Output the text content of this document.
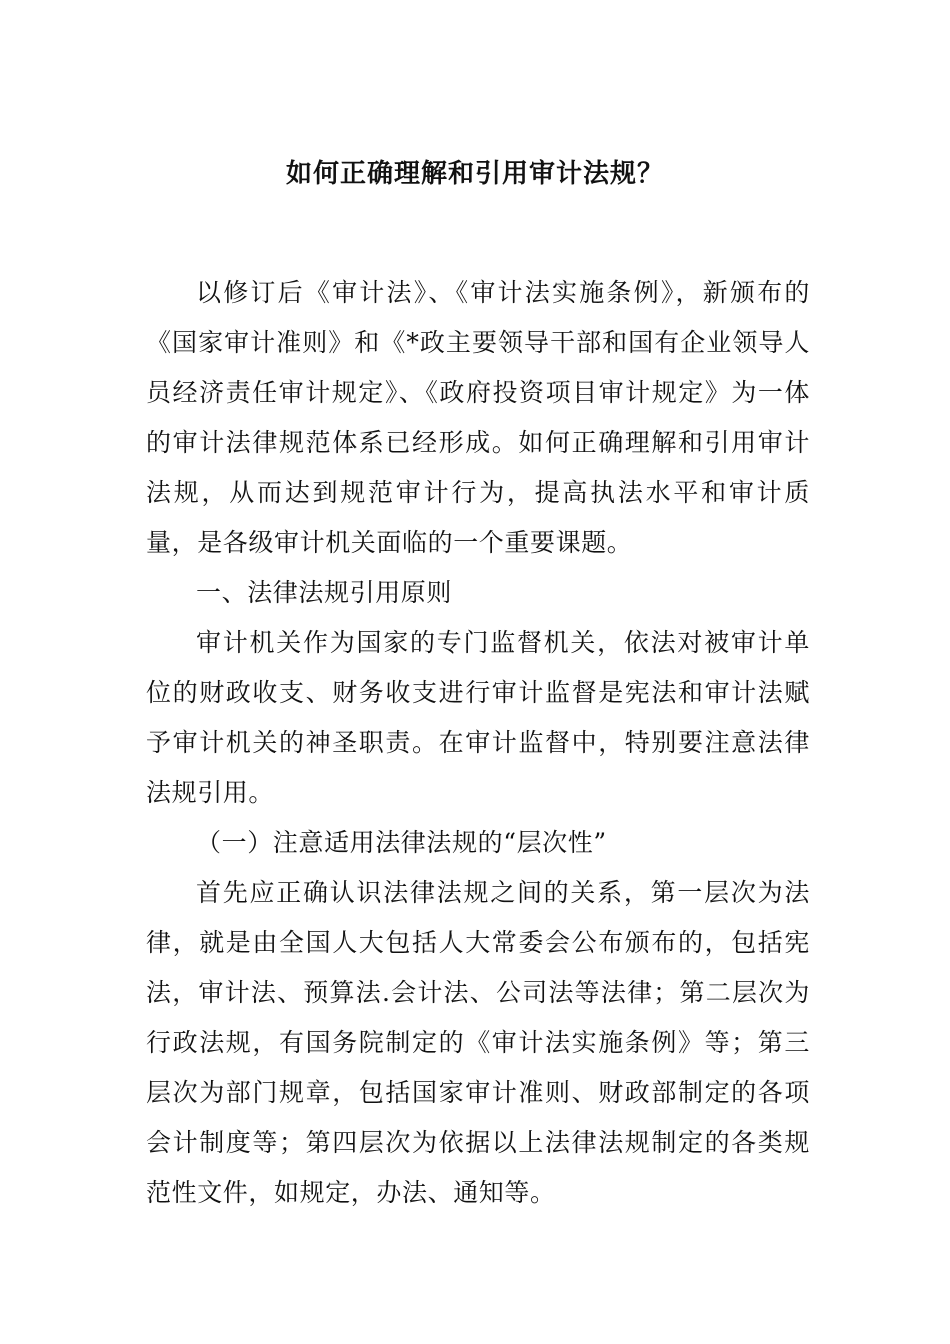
如何正确理解和引用审计法规？

以修订后《审计法》、《审计法实施条例》，新颁布的《国家审计准则》和《*政主要领导干部和国有企业领导人员经济责任审计规定》、《政府投资项目审计规定》为一体的审计法律规范体系已经形成。如何正确理解和引用审计法规，从而达到规范审计行为，提高执法水平和审计质量，是各级审计机关面临的一个重要课题。

一、法律法规引用原则

审计机关作为国家的专门监督机关，依法对被审计单位的财政收支、财务收支进行审计监督是宪法和审计法赋予审计机关的神圣职责。在审计监督中，特别要注意法律法规引用。

（一）注意适用法律法规的“层次性”

首先应正确认识法律法规之间的关系，第一层次为法律，就是由全国人大包括人大常委会公布颁布的，包括宪法，审计法、预算法.会计法、公司法等法律；第二层次为行政法规，有国务院制定的《审计法实施条例》等；第三层次为部门规章，包括国家审计准则、财政部制定的各项会计制度等；第四层次为依据以上法律法规制定的各类规范性文件，如规定，办法、通知等。
